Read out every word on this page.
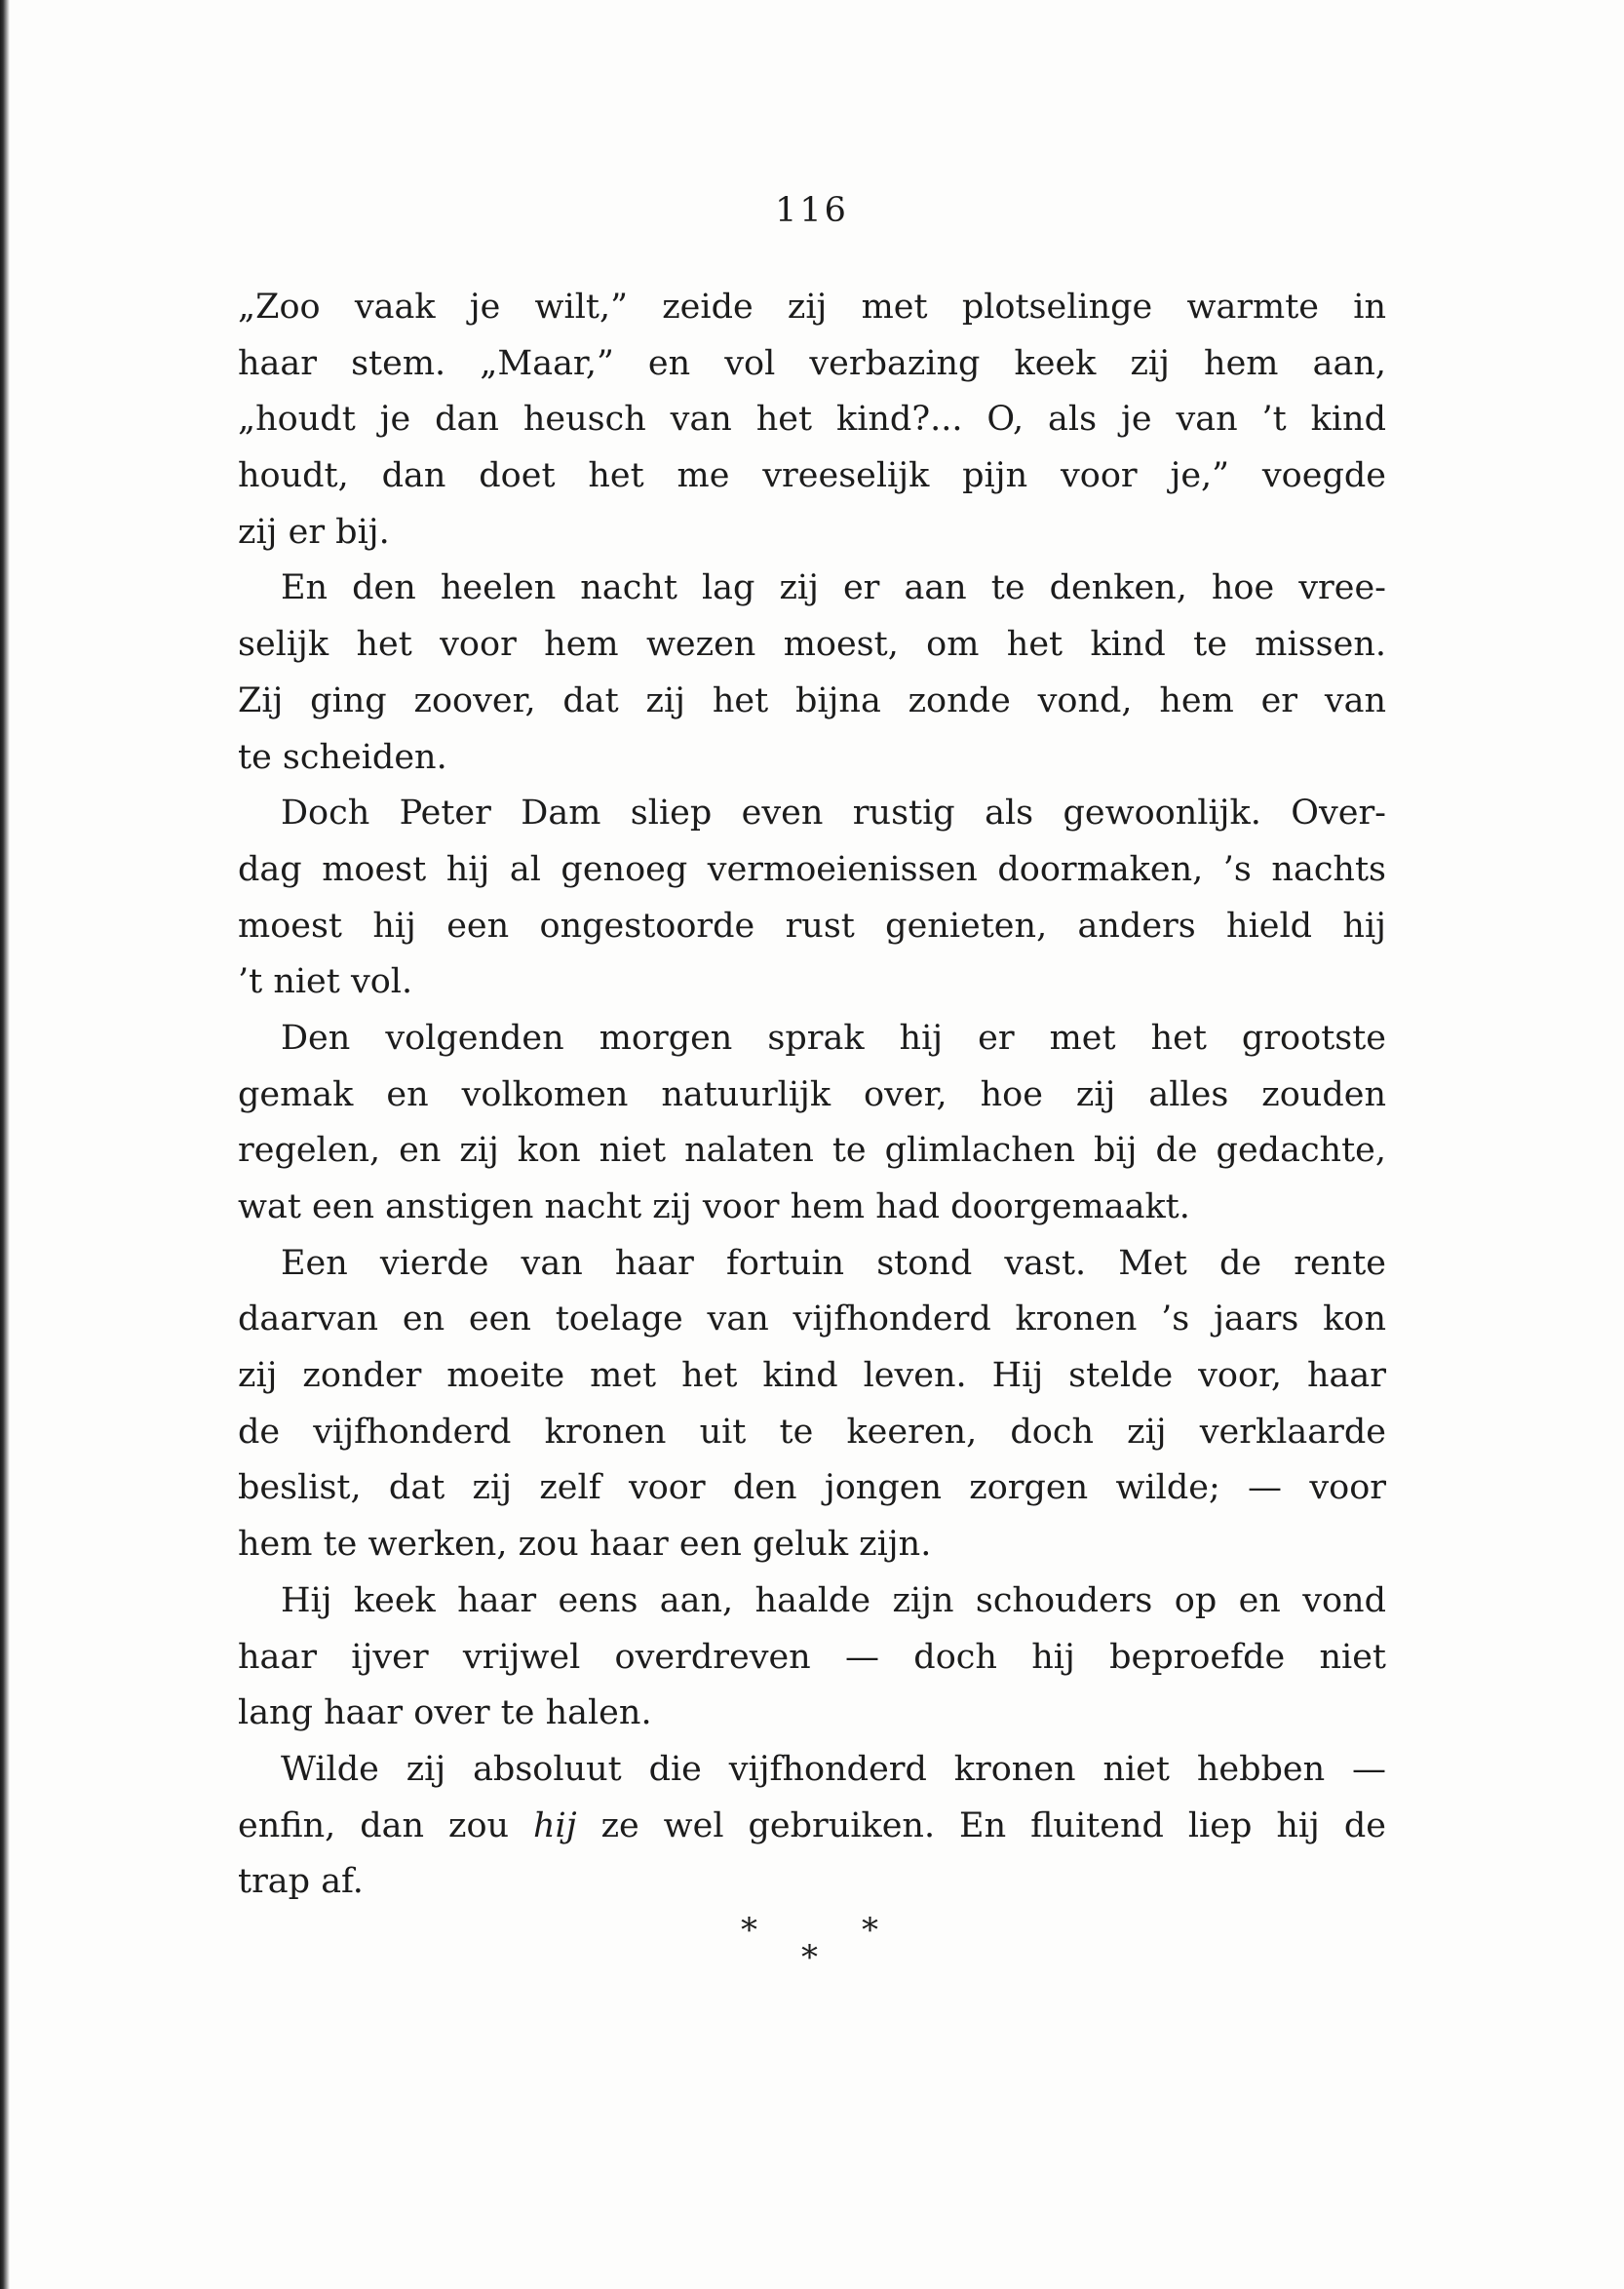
116
„Zoo vaak je wilt,” zeide zij met plotselinge warmte in
haar stem. „Maar,” en vol verbazing keek zij hem aan,
„houdt je dan heusch van het kind?... O, als je van ’t kind
houdt, dan doet het me vreeselijk pijn voor je,” voegde
zij er bij.
En den heelen nacht lag zij er aan te denken, hoe vree-
selijk het voor hem wezen moest, om het kind te missen.
Zij ging zoover, dat zij het bijna zonde vond, hem er van
te scheiden.
Doch Peter Dam sliep even rustig als gewoonlijk. Over-
dag moest hij al genoeg vermoeienissen doormaken, ’s nachts
moest hij een ongestoorde rust genieten, anders hield hij
’t niet vol.
Den volgenden morgen sprak hij er met het grootste
gemak en volkomen natuurlijk over, hoe zij alles zouden
regelen, en zij kon niet nalaten te glimlachen bij de gedachte,
wat een anstigen nacht zij voor hem had doorgemaakt.
Een vierde van haar fortuin stond vast. Met de rente
daarvan en een toelage van vijfhonderd kronen ’s jaars kon
zij zonder moeite met het kind leven. Hij stelde voor, haar
de vijfhonderd kronen uit te keeren, doch zij verklaarde
beslist, dat zij zelf voor den jongen zorgen wilde; — voor
hem te werken, zou haar een geluk zijn.
Hij keek haar eens aan, haalde zijn schouders op en vond
haar ijver vrijwel overdreven — doch hij beproefde niet
lang haar over te halen.
Wilde zij absoluut die vijfhonderd kronen niet hebben —
enfin, dan zou hij ze wel gebruiken. En fluitend liep hij de
trap af.
*
*
*
